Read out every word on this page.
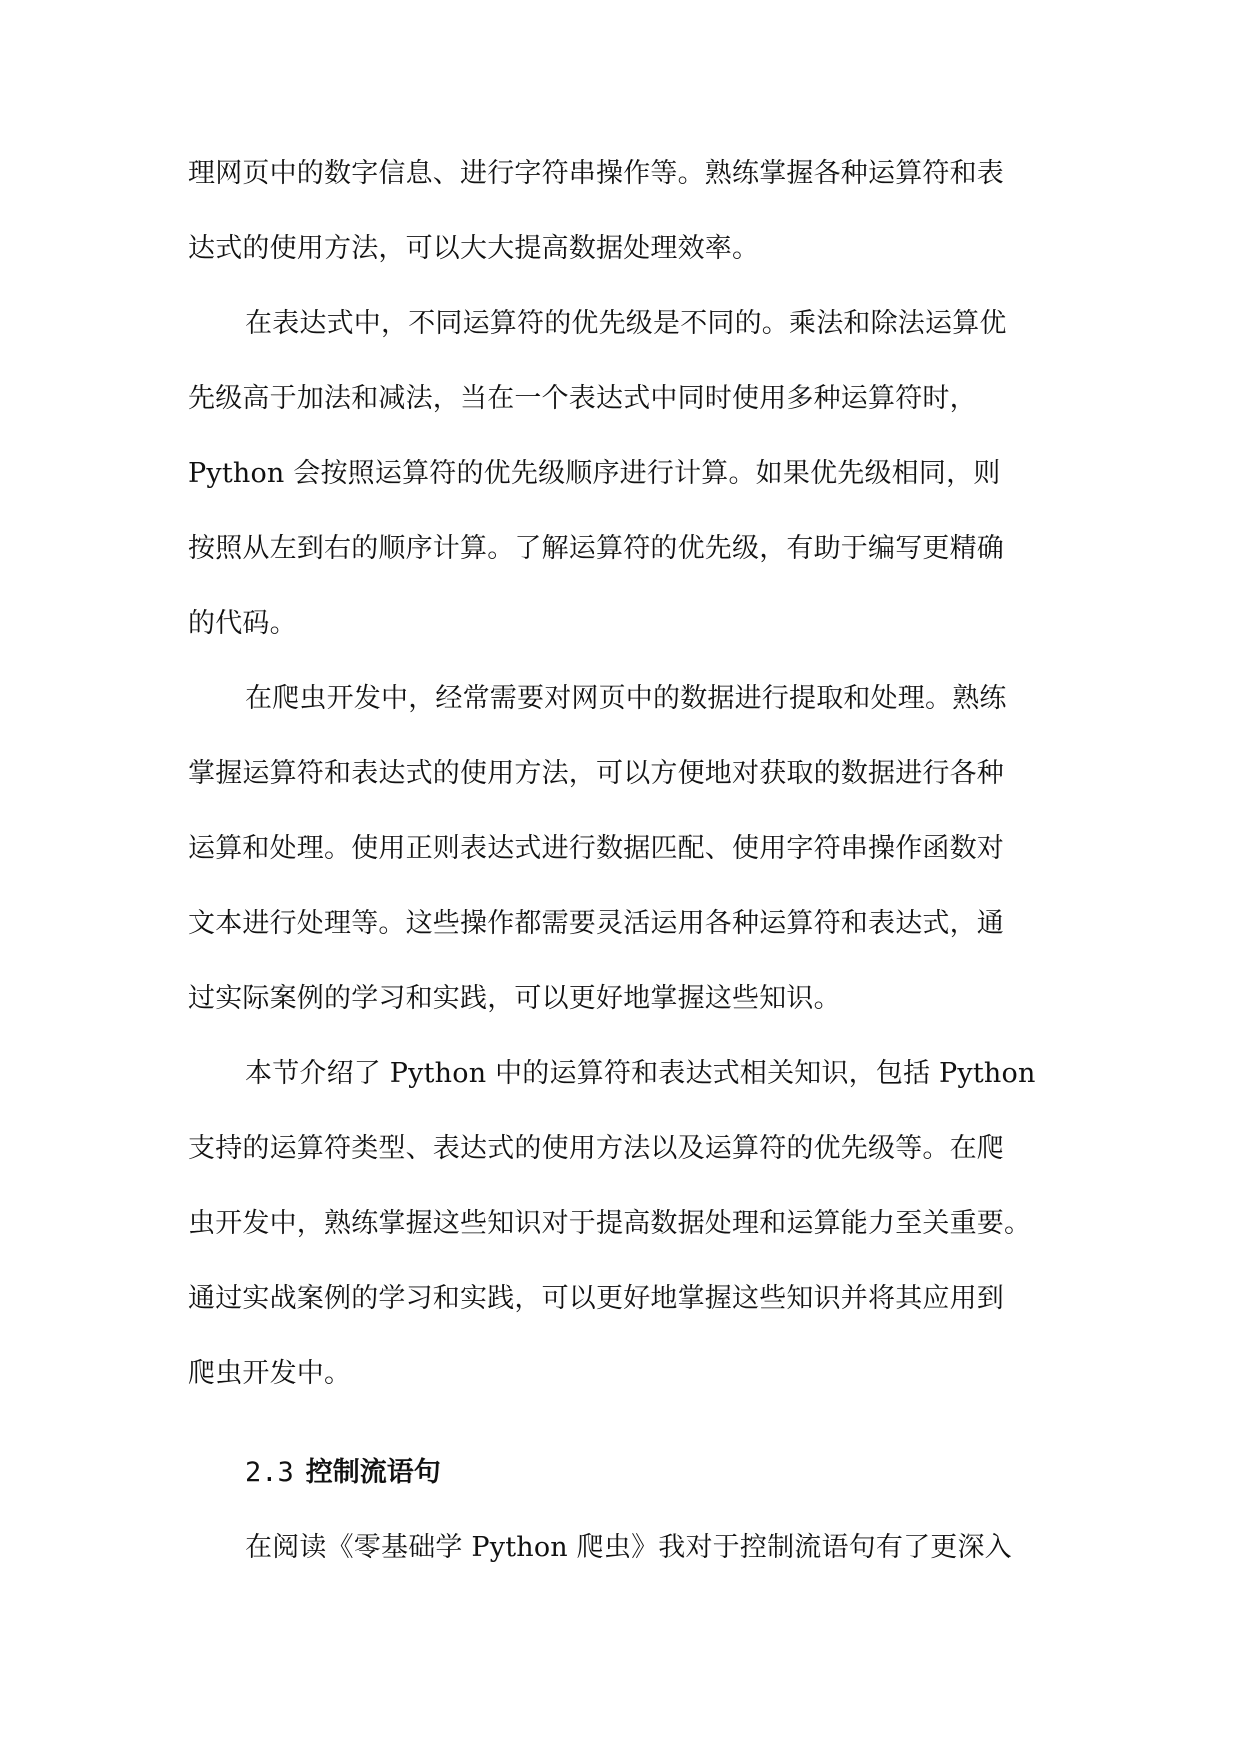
理网页中的数字信息、进行字符串操作等。熟练掌握各种运算符和表
达式的使用方法，可以大大提高数据处理效率。
在表达式中，不同运算符的优先级是不同的。乘法和除法运算优
先级高于加法和减法，当在一个表达式中同时使用多种运算符时，
Python 会按照运算符的优先级顺序进行计算。如果优先级相同，则
按照从左到右的顺序计算。了解运算符的优先级，有助于编写更精确
的代码。
在爬虫开发中，经常需要对网页中的数据进行提取和处理。熟练
掌握运算符和表达式的使用方法，可以方便地对获取的数据进行各种
运算和处理。使用正则表达式进行数据匹配、使用字符串操作函数对
文本进行处理等。这些操作都需要灵活运用各种运算符和表达式，通
过实际案例的学习和实践，可以更好地掌握这些知识。
本节介绍了 Python 中的运算符和表达式相关知识，包括 Python
支持的运算符类型、表达式的使用方法以及运算符的优先级等。在爬
虫开发中，熟练掌握这些知识对于提高数据处理和运算能力至关重要。
通过实战案例的学习和实践，可以更好地掌握这些知识并将其应用到
爬虫开发中。
2.3 控制流语句
在阅读《零基础学 Python 爬虫》我对于控制流语句有了更深入
